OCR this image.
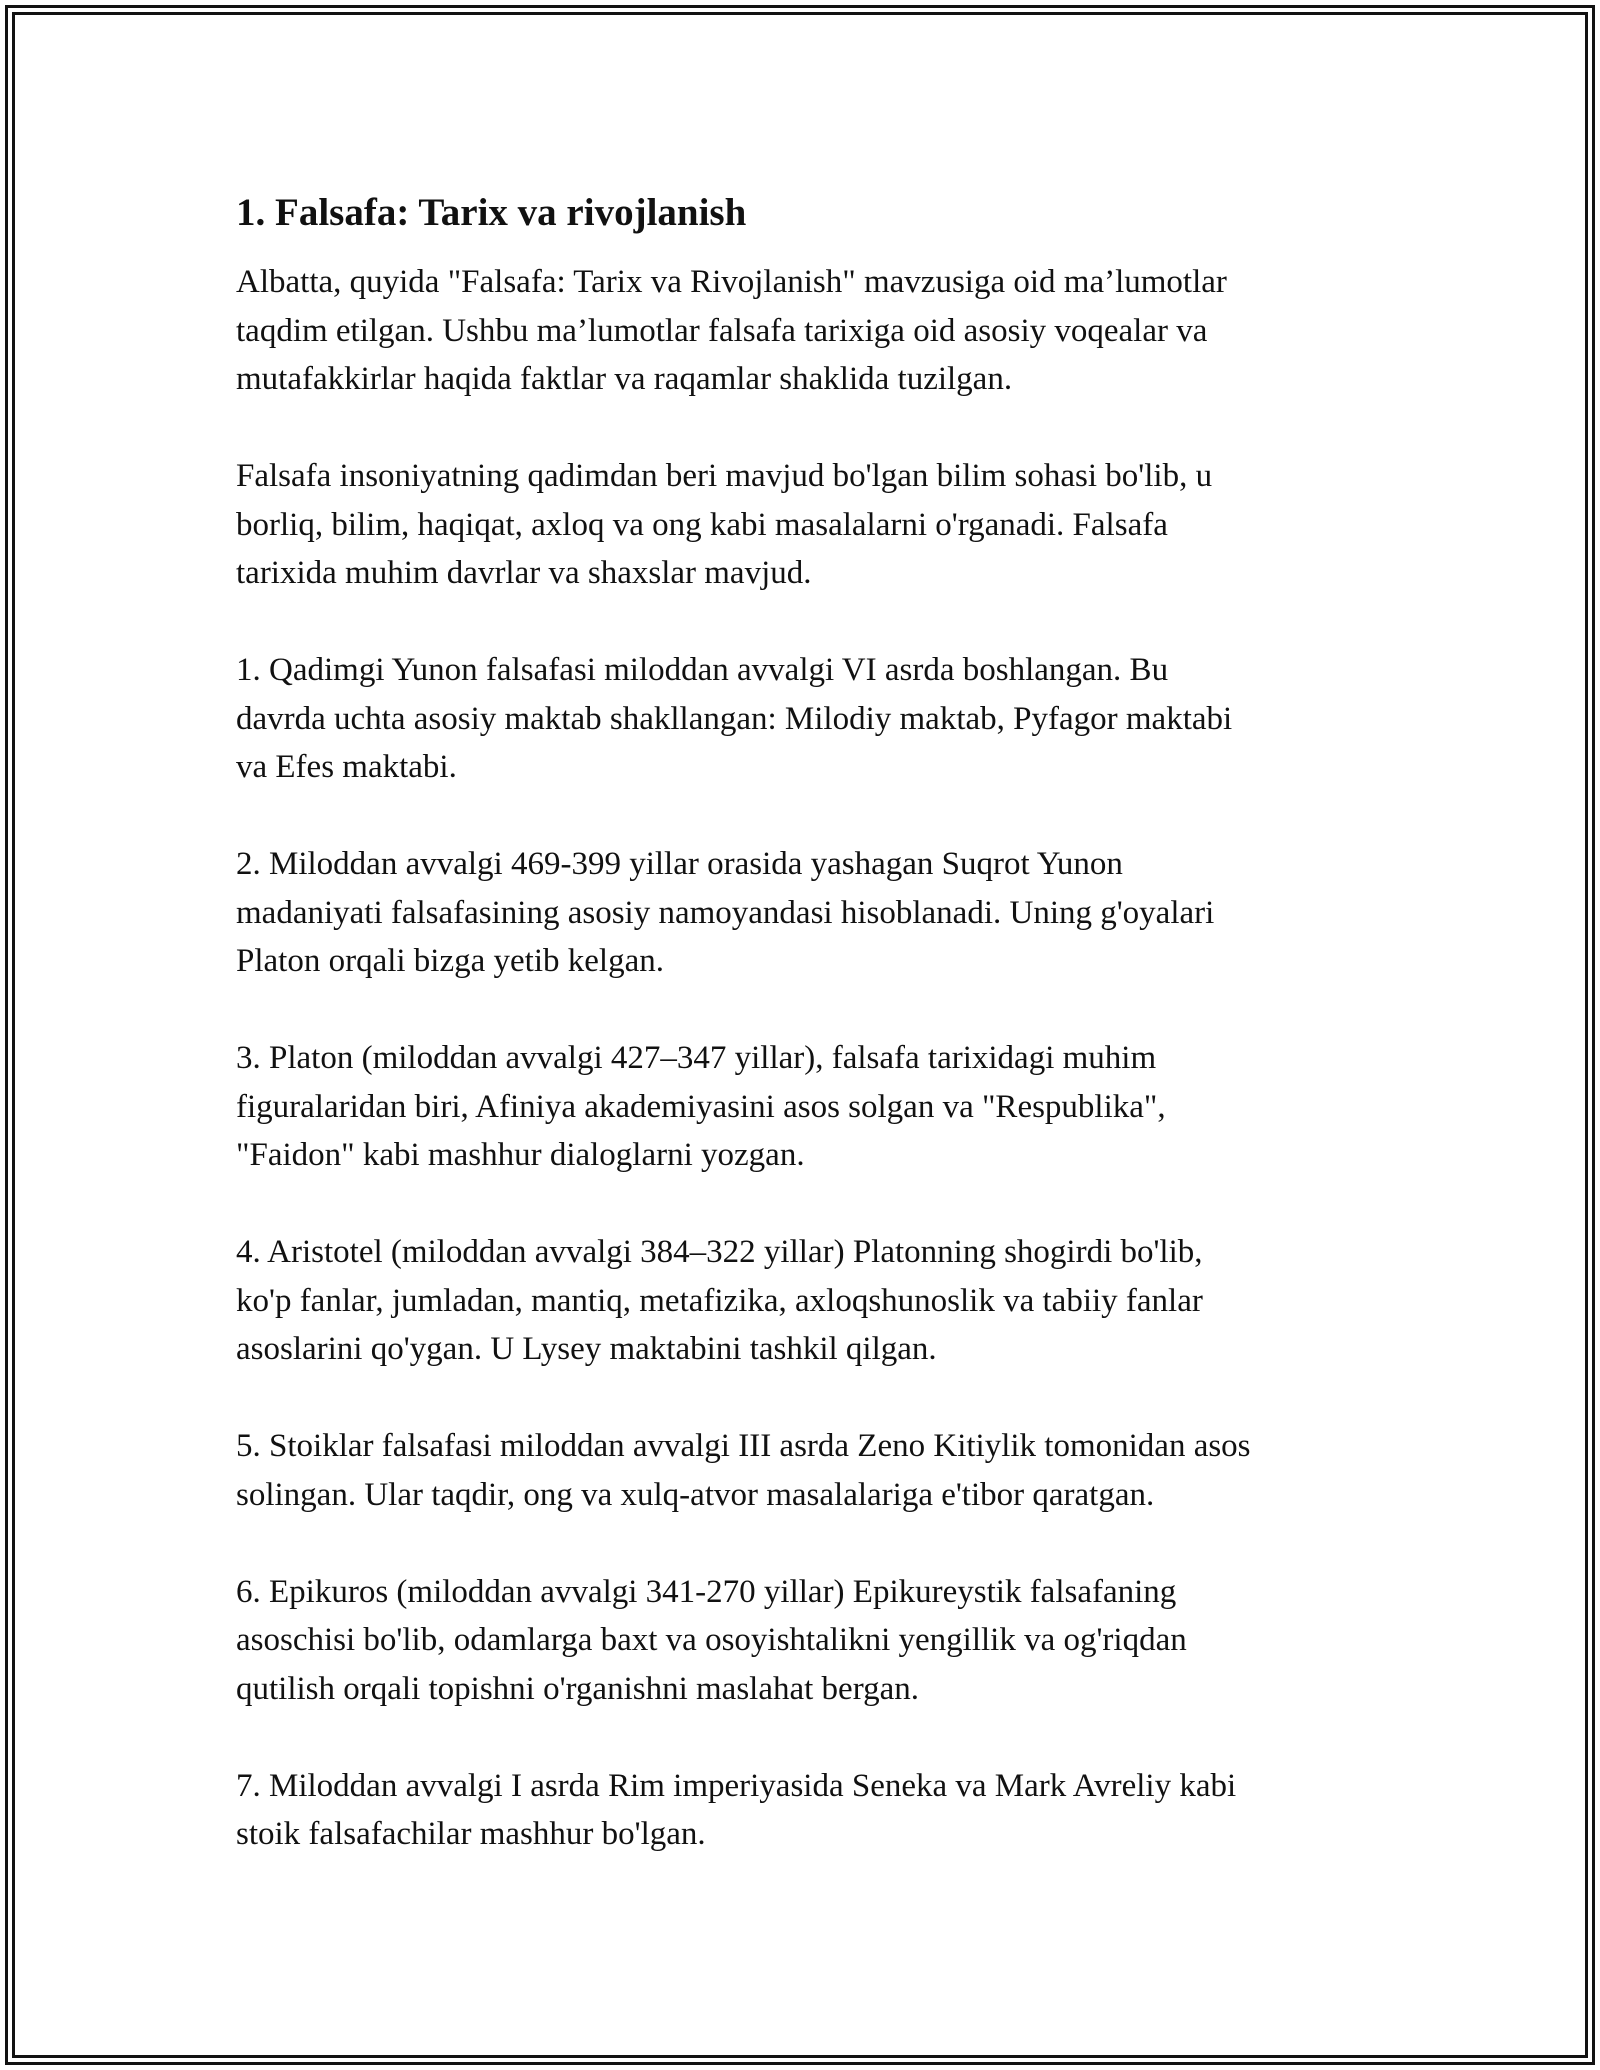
1. Falsafa: Tarix va rivojlanish

Albatta, quyida "Falsafa: Tarix va Rivojlanish" mavzusiga oid ma’lumotlar
taqdim etilgan. Ushbu ma’lumotlar falsafa tarixiga oid asosiy voqealar va
mutafakkirlar haqida faktlar va raqamlar shaklida tuzilgan.

Falsafa insoniyatning qadimdan beri mavjud bo'lgan bilim sohasi bo'lib, u
borliq, bilim, haqiqat, axloq va ong kabi masalalarni o'rganadi. Falsafa
tarixida muhim davrlar va shaxslar mavjud.

1. Qadimgi Yunon falsafasi miloddan avvalgi VI asrda boshlangan. Bu
davrda uchta asosiy maktab shakllangan: Milodiy maktab, Pyfagor maktabi
va Efes maktabi.

2. Miloddan avvalgi 469-399 yillar orasida yashagan Suqrot Yunon
madaniyati falsafasining asosiy namoyandasi hisoblanadi. Uning g'oyalari
Platon orqali bizga yetib kelgan.

3. Platon (miloddan avvalgi 427–347 yillar), falsafa tarixidagi muhim
figuralaridan biri, Afiniya akademiyasini asos solgan va "Respublika",
"Faidon" kabi mashhur dialoglarni yozgan.

4. Aristotel (miloddan avvalgi 384–322 yillar) Platonning shogirdi bo'lib,
ko'p fanlar, jumladan, mantiq, metafizika, axloqshunoslik va tabiiy fanlar
asoslarini qo'ygan. U Lysey maktabini tashkil qilgan.

5. Stoiklar falsafasi miloddan avvalgi III asrda Zeno Kitiylik tomonidan asos
solingan. Ular taqdir, ong va xulq-atvor masalalariga e'tibor qaratgan.

6. Epikuros (miloddan avvalgi 341-270 yillar) Epikureystik falsafaning
asoschisi bo'lib, odamlarga baxt va osoyishtalikni yengillik va og'riqdan
qutilish orqali topishni o'rganishni maslahat bergan.

7. Miloddan avvalgi I asrda Rim imperiyasida Seneka va Mark Avreliy kabi
stoik falsafachilar mashhur bo'lgan.
